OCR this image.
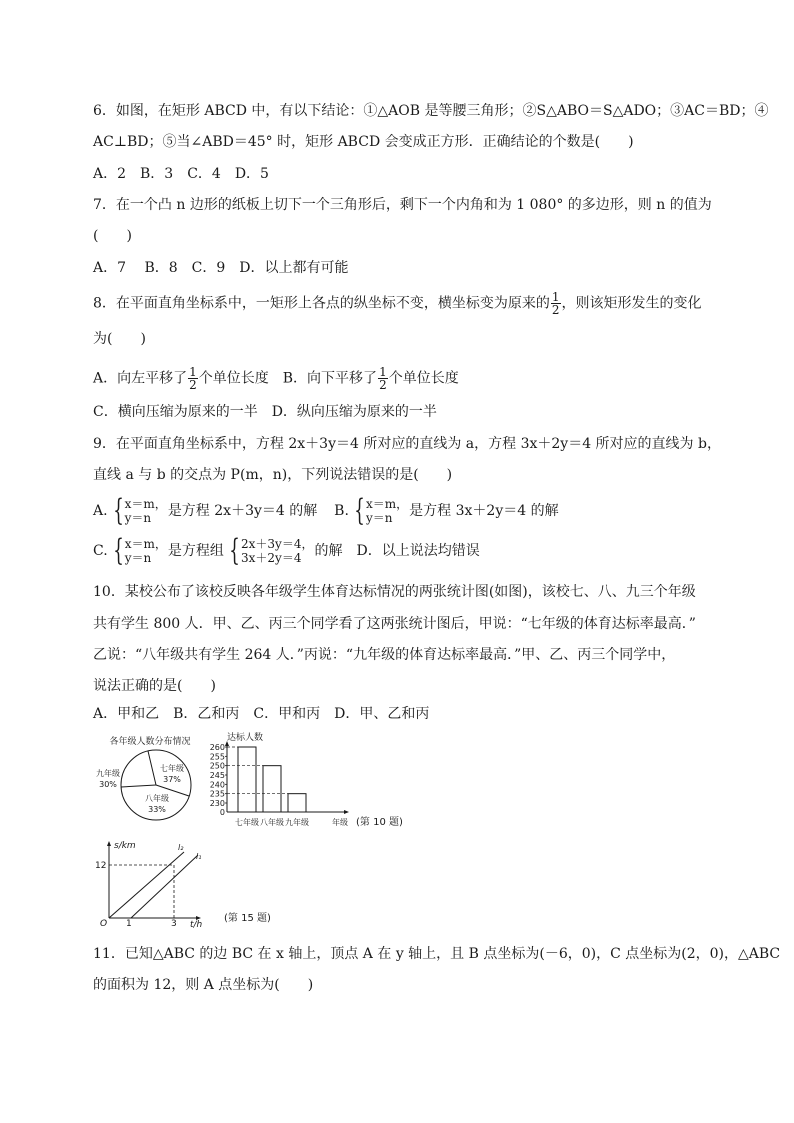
6．如图，在矩形 ABCD 中，有以下结论：①△AOB 是等腰三角形；②S△ABO＝S△ADO；③AC＝BD；④
AC⊥BD；⑤当∠ABD＝45° 时，矩形 ABCD 会变成正方形．正确结论的个数是(　　)
A．2　B．3　C．4　D．5
7．在一个凸 n 边形的纸板上切下一个三角形后，剩下一个内角和为 1 080° 的多边形，则 n 的值为
(　　)
A．7　 B．8　C．9　D．以上都有可能
8．在平面直角坐标系中，一矩形上各点的纵坐标不变，横坐标变为原来的 $\frac{1}{2}$ ，则该矩形发生的变化
为(　　)
A．向左平移了 $\frac{1}{2}$ 个单位长度　B．向下平移了 $\frac{1}{2}$ 个单位长度
C．横向压缩为原来的一半　D．纵向压缩为原来的一半
9．在平面直角坐标系中，方程 2x＋3y＝4 所对应的直线为 a，方程 3x＋2y＝4 所对应的直线为 b，
直线 a 与 b 的交点为 P(m，n)，下列说法错误的是(　　)
A. { x＝m，
y＝n	是方程 2x＋3y＝4 的解 B. { x＝m，
y＝n	是方程 3x＋2y＝4 的解
C. { x＝m，
y＝n	是方程组 { 2x＋3y＝4，
3x＋2y＝4 的解　D．以上说法均错误
10．某校公布了该校反映各年级学生体育达标情况的两张统计图(如图)，该校七、八、九三个年级
共有学生 800 人．甲、乙、丙三个同学看了这两张统计图后，甲说：“七年级的体育达标率最高．”
乙说：“八年级共有学生 264 人．”丙说：“九年级的体育达标率最高．”甲、乙、丙三个同学中，
说法正确的是(　　)
A．甲和乙　B．乙和丙　C．甲和丙　D．甲、乙和丙
各年级人数分布情况
七年级
37%
八年级
33%
九年级
30%
达标人数
年级
260
255
250
245
240
235
230
0
七年级 八年级 九年级	(第 10 题)
s/km
t/h
O
12
1	3
l₂
l₁
(第 15 题)
11．已知△ABC 的边 BC 在 x 轴上，顶点 A 在 y 轴上，且 B 点坐标为(－6，0)，C 点坐标为(2，0)，△ABC
的面积为 12，则 A 点坐标为(　　)
